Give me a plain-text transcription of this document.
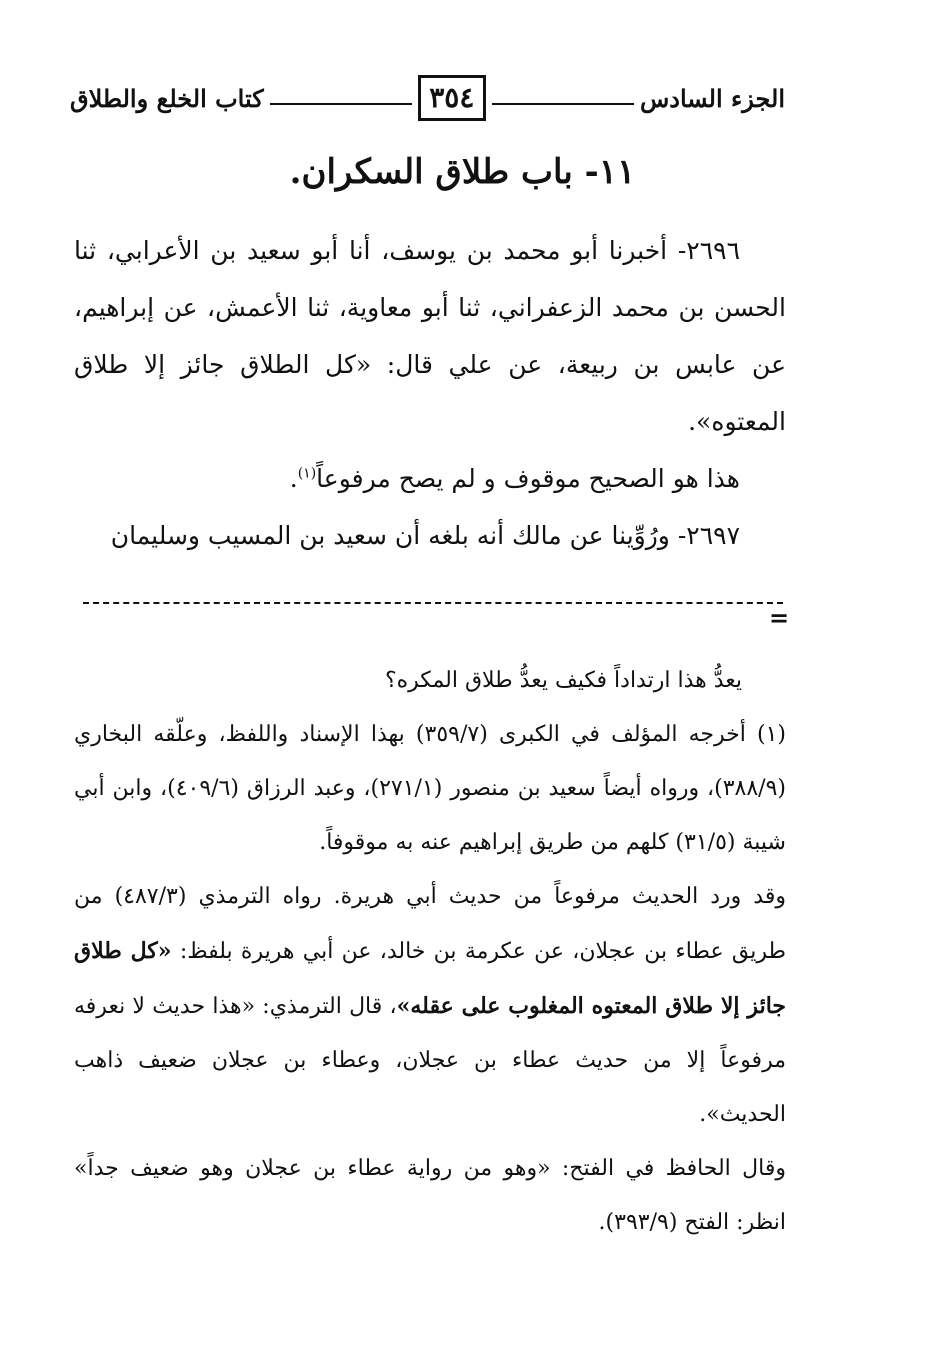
الجزء السادس
٣٥٤
كتاب الخلع والطلاق
١١- باب طلاق السكران.

٢٦٩٦- أخبرنا أبو محمد بن يوسف، أنا أبو سعيد بن الأعرابي، ثنا الحسن بن محمد الزعفراني، ثنا أبو معاوية، ثنا الأعمش، عن إبراهيم، عن عابس بن ربيعة، عن علي قال: «كل الطلاق جائز إلا طلاق المعتوه».

هذا هو الصحيح موقوف و لم يصح مرفوعاً$^{(١)}$.

٢٦٩٧- ورُوِّينا عن مالك أنه بلغه أن سعيد بن المسيب وسليمان

=

يعدُّ هذا ارتداداً فكيف يعدُّ طلاق المكره؟

(١) أخرجه المؤلف في الكبرى (٣٥٩/٧) بهذا الإسناد واللفظ، وعلّقه البخاري (٣٨٨/٩)، ورواه أيضاً سعيد بن منصور (٢٧١/١)، وعبد الرزاق (٤٠٩/٦)، وابن أبي شيبة (٣١/٥) كلهم من طريق إبراهيم عنه به موقوفاً.

وقد ورد الحديث مرفوعاً من حديث أبي هريرة. رواه الترمذي (٤٨٧/٣) من طريق عطاء بن عجلان، عن عكرمة بن خالد، عن أبي هريرة بلفظ: «كل طلاق جائز إلا طلاق المعتوه المغلوب على عقله»، قال الترمذي: «هذا حديث لا نعرفه مرفوعاً إلا من حديث عطاء بن عجلان، وعطاء بن عجلان ضعيف ذاهب الحديث».

وقال الحافظ في الفتح: «وهو من رواية عطاء بن عجلان وهو ضعيف جداً» انظر: الفتح (٣٩٣/٩).
